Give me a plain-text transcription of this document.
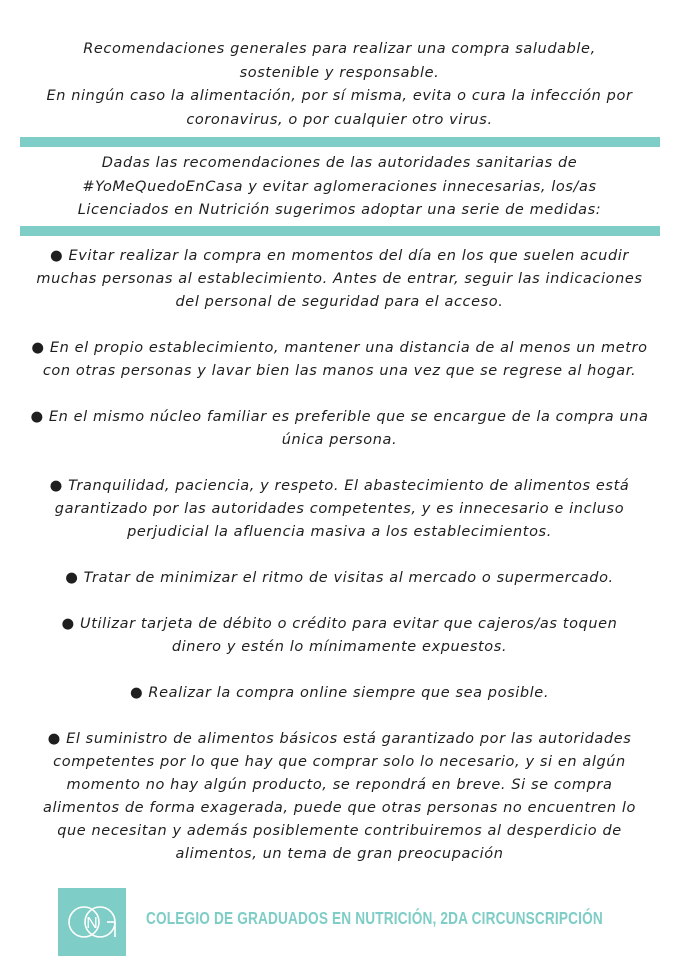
Recomendaciones generales para realizar una compra saludable,
sostenible y responsable.
En ningún caso la alimentación, por sí misma, evita o cura la infección por
coronavirus, o por cualquier otro virus.
Dadas las recomendaciones de las autoridades sanitarias de
#YoMeQuedoEnCasa y evitar aglomeraciones innecesarias, los/as
Licenciados en Nutrición sugerimos adoptar una serie de medidas:
● Evitar realizar la compra en momentos del día en los que suelen acudir
muchas personas al establecimiento. Antes de entrar, seguir las indicaciones
del personal de seguridad para el acceso.
● En el propio establecimiento, mantener una distancia de al menos un metro
con otras personas y lavar bien las manos una vez que se regrese al hogar.
● En el mismo núcleo familiar es preferible que se encargue de la compra una
única persona.
● Tranquilidad, paciencia, y respeto. El abastecimiento de alimentos está
garantizado por las autoridades competentes, y es innecesario e incluso
perjudicial la afluencia masiva a los establecimientos.
● Tratar de minimizar el ritmo de visitas al mercado o supermercado.
● Utilizar tarjeta de débito o crédito para evitar que cajeros/as toquen
dinero y estén lo mínimamente expuestos.
● Realizar la compra online siempre que sea posible.
● El suministro de alimentos básicos está garantizado por las autoridades
competentes por lo que hay que comprar solo lo necesario, y si en algún
momento no hay algún producto, se repondrá en breve. Si se compra
alimentos de forma exagerada, puede que otras personas no encuentren lo
que necesitan y además posiblemente contribuiremos al desperdicio de
alimentos, un tema de gran preocupación
N	COLEGIO DE GRADUADOS EN NUTRICIÓN, 2DA CIRCUNSCRIPCIÓN
